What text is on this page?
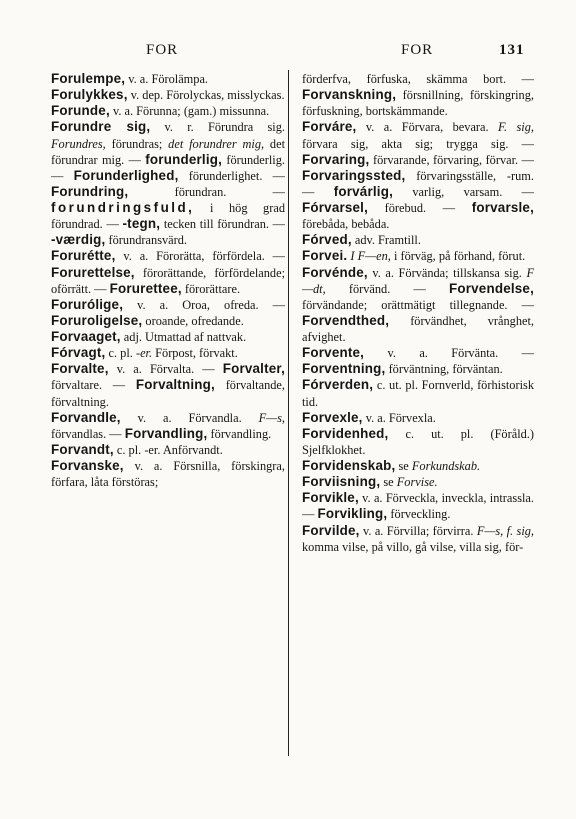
FOR	FOR	131

Forulempe, v. a. Förolämpa.

Forulykkes, v. dep. Förolyckas, misslyckas.

Forunde, v. a. Förunna; (gam.) missunna.

Forundre sig, v. r. Förundra sig. Forundres, förundras; det forundrer mig, det förundrar mig. — forunderlig, förunderlig. — Forunderlighed, förunderlighet. — Forundring, förundran. — forundringsfuld, i hög grad förundrad. — -tegn, tecken till förundran. — -værdig, förundransvärd.

Forurétte, v. a. Förorätta, förfördela. — Forurettelse, förorättande, förfördelande; oförrätt. — Forurettee, förorättare.

Forurólige, v. a. Oroa, ofreda. — Foruroligelse, oroande, ofredande.

Forvaaget, adj. Utmattad af nattvak.

Fórvagt, c. pl. -er. Förpost, förvakt.

Forvalte, v. a. Förvalta. — Forvalter, förvaltare. — Forvaltning, förvaltande, förvaltning.

Forvandle, v. a. Förvandla. F—s, förvandlas. — Forvandling, förvandling.

Forvandt, c. pl. -er. Anförvandt.

Forvanske, v. a. Försnilla, förskingra, förfara, låta förstöras;

förderfva, förfuska, skämma bort. — Forvanskning, försnillning, förskingring, förfuskning, bortskämmande.

Forváre, v. a. Förvara, bevara. F. sig, förvara sig, akta sig; trygga sig. — Forvaring, förvarande, förvaring, förvar. — Forvaringssted, förvaringsställe, -rum. — forvárlig, varlig, varsam. — Fórvarsel, förebud. — forvarsle, förebåda, bebåda.

Fórved, adv. Framtill.

Forvei. I F—en, i förväg, på förhand, förut.

Forvénde, v. a. Förvända; tillskansa sig. F—dt, förvänd. — Forvendelse, förvändande; orättmätigt tillegnande. — Forvendthed, förvändhet, vrånghet, afvighet.

Forvente, v. a. Förvänta. — Forventning, förväntning, förväntan.

Fórverden, c. ut. pl. Fornverld, förhistorisk tid.

Forvexle, v. a. Förvexla.

Forvidenhed, c. ut. pl. (Föråld.) Sjelfklokhet.

Forvidenskab, se Forkundskab.

Forviisning, se Forvise.

Forvikle, v. a. Förveckla, inveckla, intrassla. — Forvikling, förveckling.

Forvilde, v. a. Förvilla; förvirra. F—s, f. sig, komma vilse, på villo, gå vilse, villa sig, för-
